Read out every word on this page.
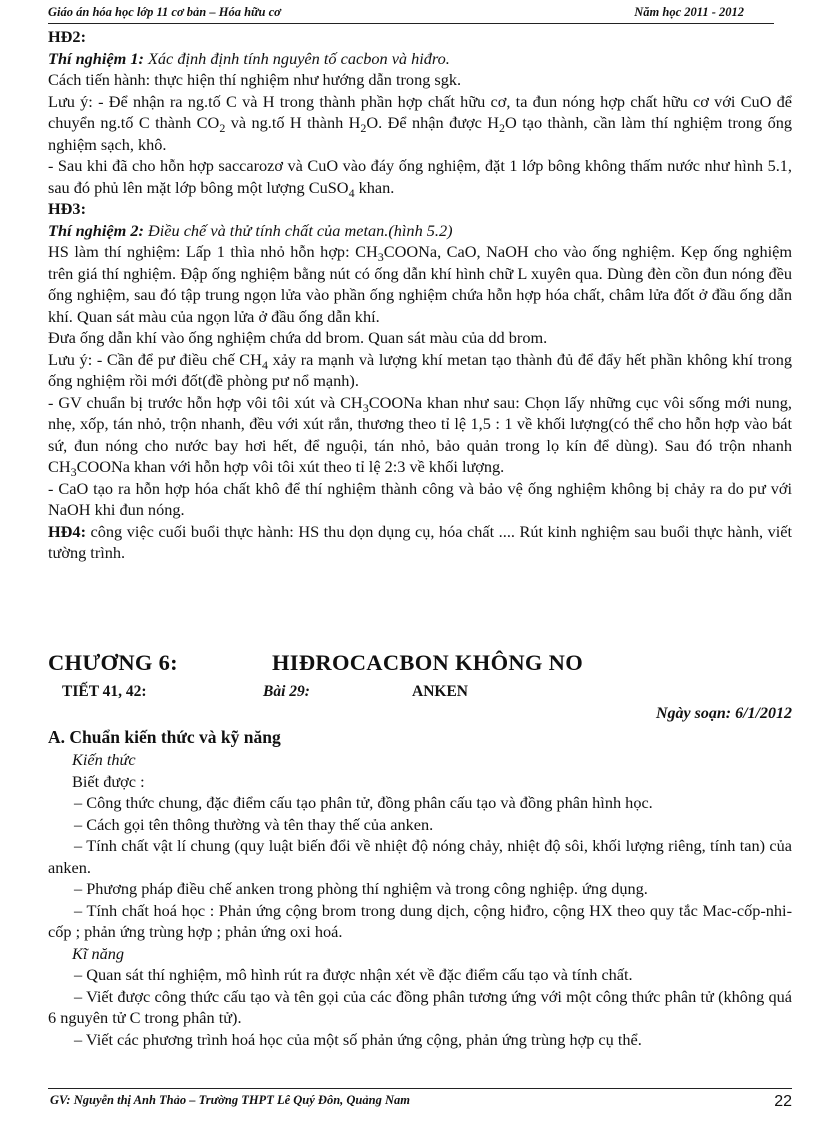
Giáo án hóa học lớp 11 cơ bản – Hóa hữu cơ	Năm học 2011 - 2012

HĐ2:

Thí nghiệm 1: Xác định định tính nguyên tố cacbon và hiđro.

Cách tiến hành: thực hiện thí nghiệm như hướng dẫn trong sgk.

Lưu ý: - Để nhận ra ng.tố C và H trong thành phần hợp chất hữu cơ, ta đun nóng hợp chất hữu cơ với CuO để chuyển ng.tố C thành $CO_2$ và ng.tố H thành $H_2O$. Để nhận được $H_2O$ tạo thành, cần làm thí nghiệm trong ống nghiệm sạch, khô.

- Sau khi đã cho hỗn hợp saccarozơ và CuO vào đáy ống nghiệm, đặt 1 lớp bông không thấm nước như hình 5.1, sau đó phủ lên mặt lớp bông một lượng CuSO$_4$ khan.

HĐ3:

Thí nghiệm 2: Điều chế và thử tính chất của metan.(hình 5.2)

HS làm thí nghiệm: Lấp 1 thìa nhỏ hỗn hợp: $CH_3COONa$, CaO, NaOH cho vào ống nghiệm. Kẹp ống nghiệm trên giá thí nghiệm. Đập ống nghiệm bằng nút có ống dẫn khí hình chữ L xuyên qua. Dùng đèn cồn đun nóng đều ống nghiệm, sau đó tập trung ngọn lửa vào phần ống nghiệm chứa hỗn hợp hóa chất, châm lửa đốt ở đầu ống dẫn khí. Quan sát màu của ngọn lửa ở đầu ống dẫn khí.

Đưa ống dẫn khí vào ống nghiệm chứa dd brom. Quan sát màu của dd brom.

Lưu ý: - Cần để pư điều chế $CH_4$ xảy ra mạnh và lượng khí metan tạo thành đủ để đẩy hết phần không khí trong ống nghiệm rồi mới đốt(đề phòng pư nổ mạnh).

- GV chuẩn bị trước hỗn hợp vôi tôi xút và $CH_3COONa$ khan như sau: Chọn lấy những cục vôi sống mới nung, nhẹ, xốp, tán nhỏ, trộn nhanh, đều với xút rắn, thương theo tỉ lệ 1,5 : 1 về khối lượng(có thể cho hỗn hợp vào bát sứ, đun nóng cho nước bay hơi hết, để nguội, tán nhỏ, bảo quản trong lọ kín để dùng). Sau đó trộn nhanh $CH_3COONa$ khan với hỗn hợp vôi tôi xút theo tỉ lệ 2:3 về khối lượng.

- CaO tạo ra hỗn hợp hóa chất khô để thí nghiệm thành công và bảo vệ ống nghiệm không bị chảy ra do pư với NaOH khi đun nóng.

HĐ4: công việc cuối buổi thực hành: HS thu dọn dụng cụ, hóa chất .... Rút kinh nghiệm sau buổi thực hành, viết tường trình.

CHƯƠNG 6:	HIĐROCACBON KHÔNG NO
TIẾT 41, 42:	Bài 29:	ANKEN
Ngày soạn: 6/1/2012

A. Chuẩn kiến thức và kỹ năng

Kiến thức

Biết được :

– Công thức chung, đặc điểm cấu tạo phân tử, đồng phân cấu tạo và đồng phân hình học.

– Cách gọi tên thông thường và tên thay thế của anken.

– Tính chất vật lí chung (quy luật biến đổi về nhiệt độ nóng chảy, nhiệt độ sôi, khối lượng riêng, tính tan) của anken.

– Phương pháp điều chế anken trong phòng thí nghiệm và trong công nghiệp. ứng dụng.

– Tính chất hoá học : Phản ứng cộng brom trong dung dịch, cộng hiđro, cộng HX theo quy tắc Mac-cốp-nhi-cốp ; phản ứng trùng hợp ; phản ứng oxi hoá.

Kĩ năng

– Quan sát thí nghiệm, mô hình rút ra được nhận xét về đặc điểm cấu tạo và tính chất.

– Viết được công thức cấu tạo và tên gọi của các đồng phân tương ứng với một công thức phân tử (không quá 6 nguyên tử C trong phân tử).

– Viết các phương trình hoá học của một số phản ứng cộng, phản ứng trùng hợp cụ thể.

GV: Nguyễn thị Anh Thảo – Trường THPT Lê Quý Đôn, Quảng Nam	22
